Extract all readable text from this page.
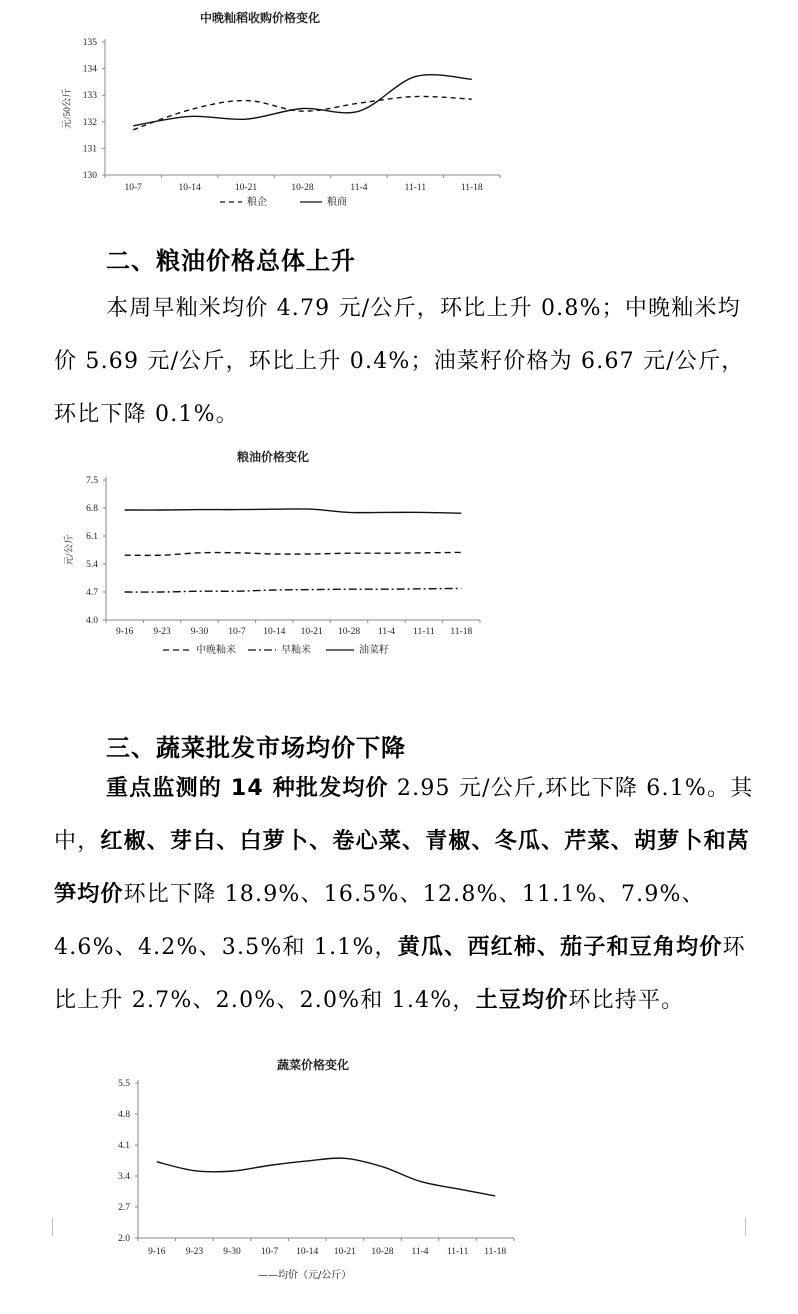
中晚籼稻收购价格变化
130
131
132
133
134
135
10-7	10-14	10-21	10-28	11-4	11-11	11-18
元/50公斤
粮企	粮商
二、粮油价格总体上升

本周早籼米均价 4.79 元/公斤，环比上升 0.8%；中晚籼米均价 5.69 元/公斤，环比上升 0.4%；油菜籽价格为 6.67 元/公斤，环比下降 0.1%。

粮油价格变化
4.0
4.7
5.4
6.1
6.8
7.5
9-16 9-23 9-30 10-7 10-14 10-21 10-28 11-4 11-11 11-18
元/公斤
中晚籼米	早籼米	油菜籽
三、蔬菜批发市场均价下降

重点监测的 14 种批发均价 2.95 元/公斤,环比下降 6.1%。其中，红椒、芽白、白萝卜、卷心菜、青椒、冬瓜、芹菜、胡萝卜和莴笋均价环比下降 18.9%、16.5%、12.8%、11.1%、7.9%、4.6%、4.2%、3.5%和 1.1%，黄瓜、西红柿、茄子和豆角均价环比上升 2.7%、2.0%、2.0%和 1.4%，土豆均价环比持平。

蔬菜价格变化
2.0
2.7
3.4
4.1
4.8
5.5
9-16 9-23 9-30 10-7 10-14 10-21 10-28 11-4 11-11 11-18
——均价（元/公斤）
